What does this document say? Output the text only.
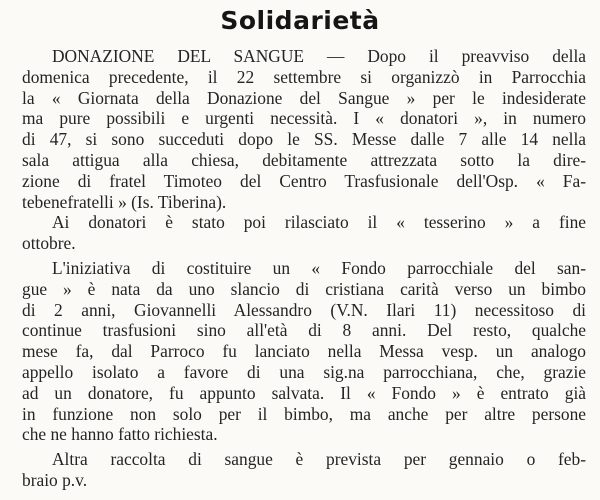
Solidarietà
DONAZIONE DEL SANGUE — Dopo il preavviso della
domenica precedente, il 22 settembre si organizzò in Parrocchia
la « Giornata della Donazione del Sangue » per le indesiderate
ma pure possibili e urgenti necessità. I « donatori », in numero
di 47, si sono succeduti dopo le SS. Messe dalle 7 alle 14 nella
sala attigua alla chiesa, debitamente attrezzata sotto la dire-
zione di fratel Timoteo del Centro Trasfusionale dell'Osp. « Fa-
tebenefratelli » (Is. Tiberina).
Ai donatori è stato poi rilasciato il « tesserino » a fine
ottobre.
L'iniziativa di costituire un « Fondo parrocchiale del san-
gue » è nata da uno slancio di cristiana carità verso un bimbo
di 2 anni, Giovannelli Alessandro (V.N. Ilari 11) necessitoso di
continue trasfusioni sino all'età di 8 anni. Del resto, qualche
mese fa, dal Parroco fu lanciato nella Messa vesp. un analogo
appello isolato a favore di una sig.na parrocchiana, che, grazie
ad un donatore, fu appunto salvata. Il « Fondo » è entrato già
in funzione non solo per il bimbo, ma anche per altre persone
che ne hanno fatto richiesta.
Altra raccolta di sangue è prevista per gennaio o feb-
braio p.v.
